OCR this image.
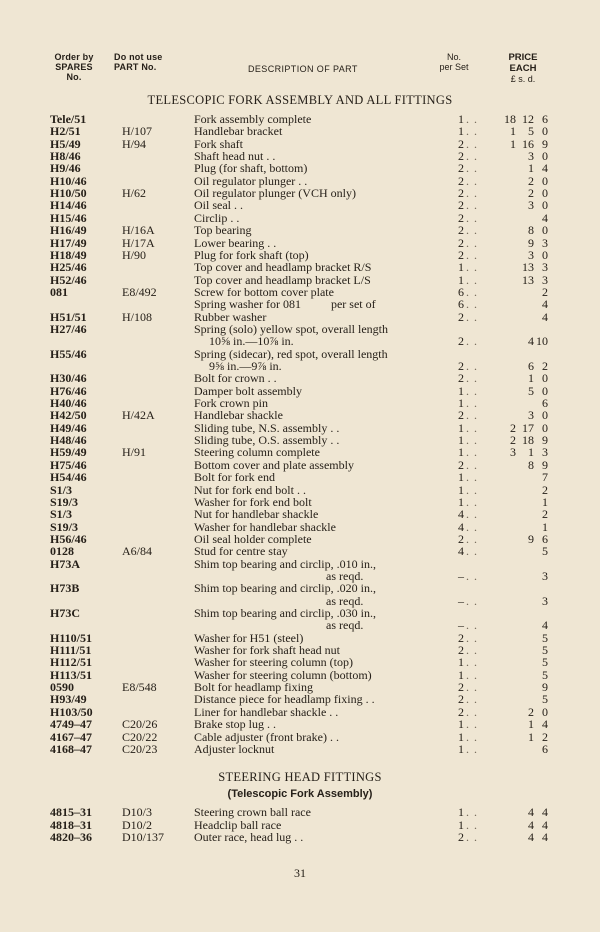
Order by
SPARES
No.
Do not use
PART No.	DESCRIPTION OF PART
No.
per Set
PRICE
EACH
£ s. d.
TELESCOPIC FORK ASSEMBLY AND ALL FITTINGS
Tele/51	Fork assembly complete	1	18 12 6
. .
H2/51	H/107	Handlebar bracket	1	1	5 0
. .
H5/49	H/94	Fork shaft	2	1 16 9
. .
H8/46	Shaft head nut . .	2	3 0
. .
H9/46	Plug (for shaft, bottom)	2	1 4
. .
H10/46	Oil regulator plunger . .	2	2 0
. .
H10/50	H/62	Oil regulator plunger (VCH only)	2	2 0
. .
H14/46	Oil seal . .	2	3 0
. .
H15/46	Circlip . .	2	4
. .
H16/49	H/16A	Top bearing	2	8 0
. .
H17/49	H/17A	Lower bearing . .	2	9 3
. .
H18/49	H/90	Plug for fork shaft (top)	2	3 0
. .
H25/46	Top cover and headlamp bracket R/S	1	13 3
. .
H52/46	Top cover and headlamp bracket L/S	1	13 3
. .
081	E8/492	Screw for bottom cover plate	6	2
. .
Spring washer for 081          per set of	6	4
. .
H51/51	H/108	Rubber washer	2	4
. .
H27/46	Spring (solo) yellow spot, overall length
10⅝ in.—10⅞ in.	2	4 10
. .
H55/46	Spring (sidecar), red spot, overall length
9⅝ in.—9⅞ in.	2	6 2
. .
H30/46	Bolt for crown . .	2	1 0
. .
H76/46	Damper bolt assembly	1	5 0
. .
H40/46	Fork crown pin	1	6
. .
H42/50	H/42A	Handlebar shackle	2	3 0
. .
H49/46	Sliding tube, N.S. assembly . .	1	2 17 0
. .
H48/46	Sliding tube, O.S. assembly . .	1	2 18 9
. .
H59/49	H/91	Steering column complete	1	3	1 3
. .
H75/46	Bottom cover and plate assembly	2	8 9
. .
H54/46	Bolt for fork end	1	7
. .
S1/3	Nut for fork end bolt . .	1	2
. .
S19/3	Washer for fork end bolt	1	1
. .
S1/3	Nut for handlebar shackle	4	2
. .
S19/3	Washer for handlebar shackle	4	1
. .
H56/46	Oil seal holder complete	2	9 6
. .
0128	A6/84	Stud for centre stay	4	5
. .
H73A	Shim top bearing and circlip, .010 in.,
as reqd.	–	3
. .
H73B	Shim top bearing and circlip, .020 in.,
as reqd.	–	3
. .
H73C	Shim top bearing and circlip, .030 in.,
as reqd.	–	4
. .
H110/51	Washer for H51 (steel)	2	5
. .
H111/51	Washer for fork shaft head nut	2	5
. .
H112/51	Washer for steering column (top)	1	5
. .
H113/51	Washer for steering column (bottom)	1	5
. .
0590	E8/548	Bolt for headlamp fixing	2	9
. .
H93/49	Distance piece for headlamp fixing . .	2	5
. .
H103/50	Liner for handlebar shackle . .	2	2 0
. .
4749–47	C20/26	Brake stop lug . .	1	1 4
. .
4167–47	C20/22	Cable adjuster (front brake) . .	1	1 2
. .
4168–47	C20/23	Adjuster locknut	1	6
. .
STEERING HEAD FITTINGS
(Telescopic Fork Assembly)
4815–31	D10/3	Steering crown ball race	1	4 4
. .
4818–31	D10/2	Headclip ball race	1	4 4
. .
4820–36	D10/137	Outer race, head lug . .	2	4 4
. .
31
